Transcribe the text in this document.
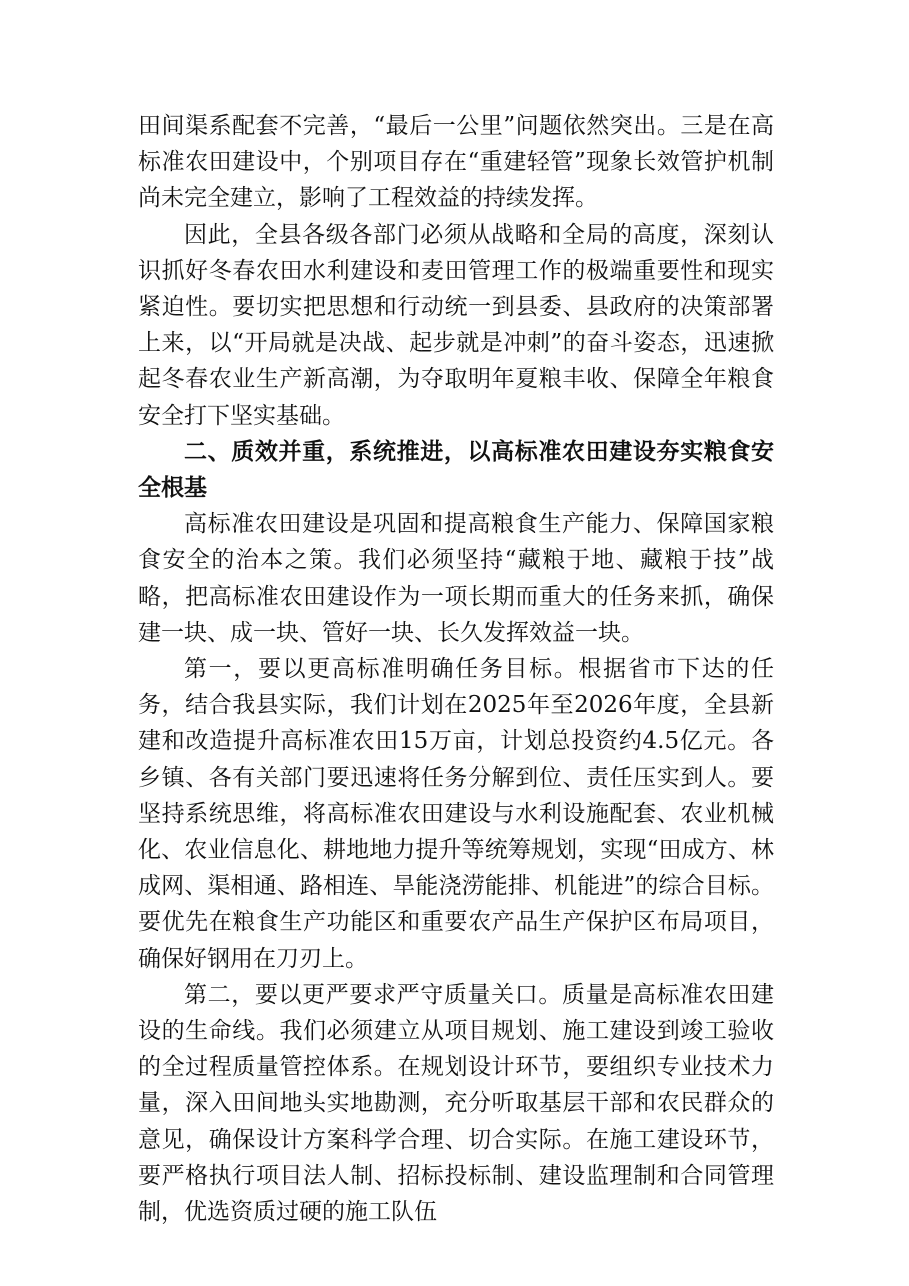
田间渠系配套不完善，“最后一公里”问题依然突出。三是在高标准农田建设中，个别项目存在“重建轻管”现象长效管护机制尚未完全建立，影响了工程效益的持续发挥。

因此，全县各级各部门必须从战略和全局的高度，深刻认识抓好冬春农田水利建设和麦田管理工作的极端重要性和现实紧迫性。要切实把思想和行动统一到县委、县政府的决策部署上来，以“开局就是决战、起步就是冲刺”的奋斗姿态，迅速掀起冬春农业生产新高潮，为夺取明年夏粮丰收、保障全年粮食安全打下坚实基础。

二、质效并重，系统推进，以高标准农田建设夯实粮食安全根基

高标准农田建设是巩固和提高粮食生产能力、保障国家粮食安全的治本之策。我们必须坚持“藏粮于地、藏粮于技”战略，把高标准农田建设作为一项长期而重大的任务来抓，确保建一块、成一块、管好一块、长久发挥效益一块。

第一，要以更高标准明确任务目标。根据省市下达的任务，结合我县实际，我们计划在2025年至2026年度，全县新建和改造提升高标准农田15万亩，计划总投资约4.5亿元。各乡镇、各有关部门要迅速将任务分解到位、责任压实到人。要坚持系统思维，将高标准农田建设与水利设施配套、农业机械化、农业信息化、耕地地力提升等统筹规划，实现“田成方、林成网、渠相通、路相连、旱能浇涝能排、机能进”的综合目标。要优先在粮食生产功能区和重要农产品生产保护区布局项目，确保好钢用在刀刃上。

第二，要以更严要求严守质量关口。质量是高标准农田建设的生命线。我们必须建立从项目规划、施工建设到竣工验收的全过程质量管控体系。在规划设计环节，要组织专业技术力量，深入田间地头实地勘测，充分听取基层干部和农民群众的意见，确保设计方案科学合理、切合实际。在施工建设环节，要严格执行项目法人制、招标投标制、建设监理制和合同管理制，优选资质过硬的施工队伍
